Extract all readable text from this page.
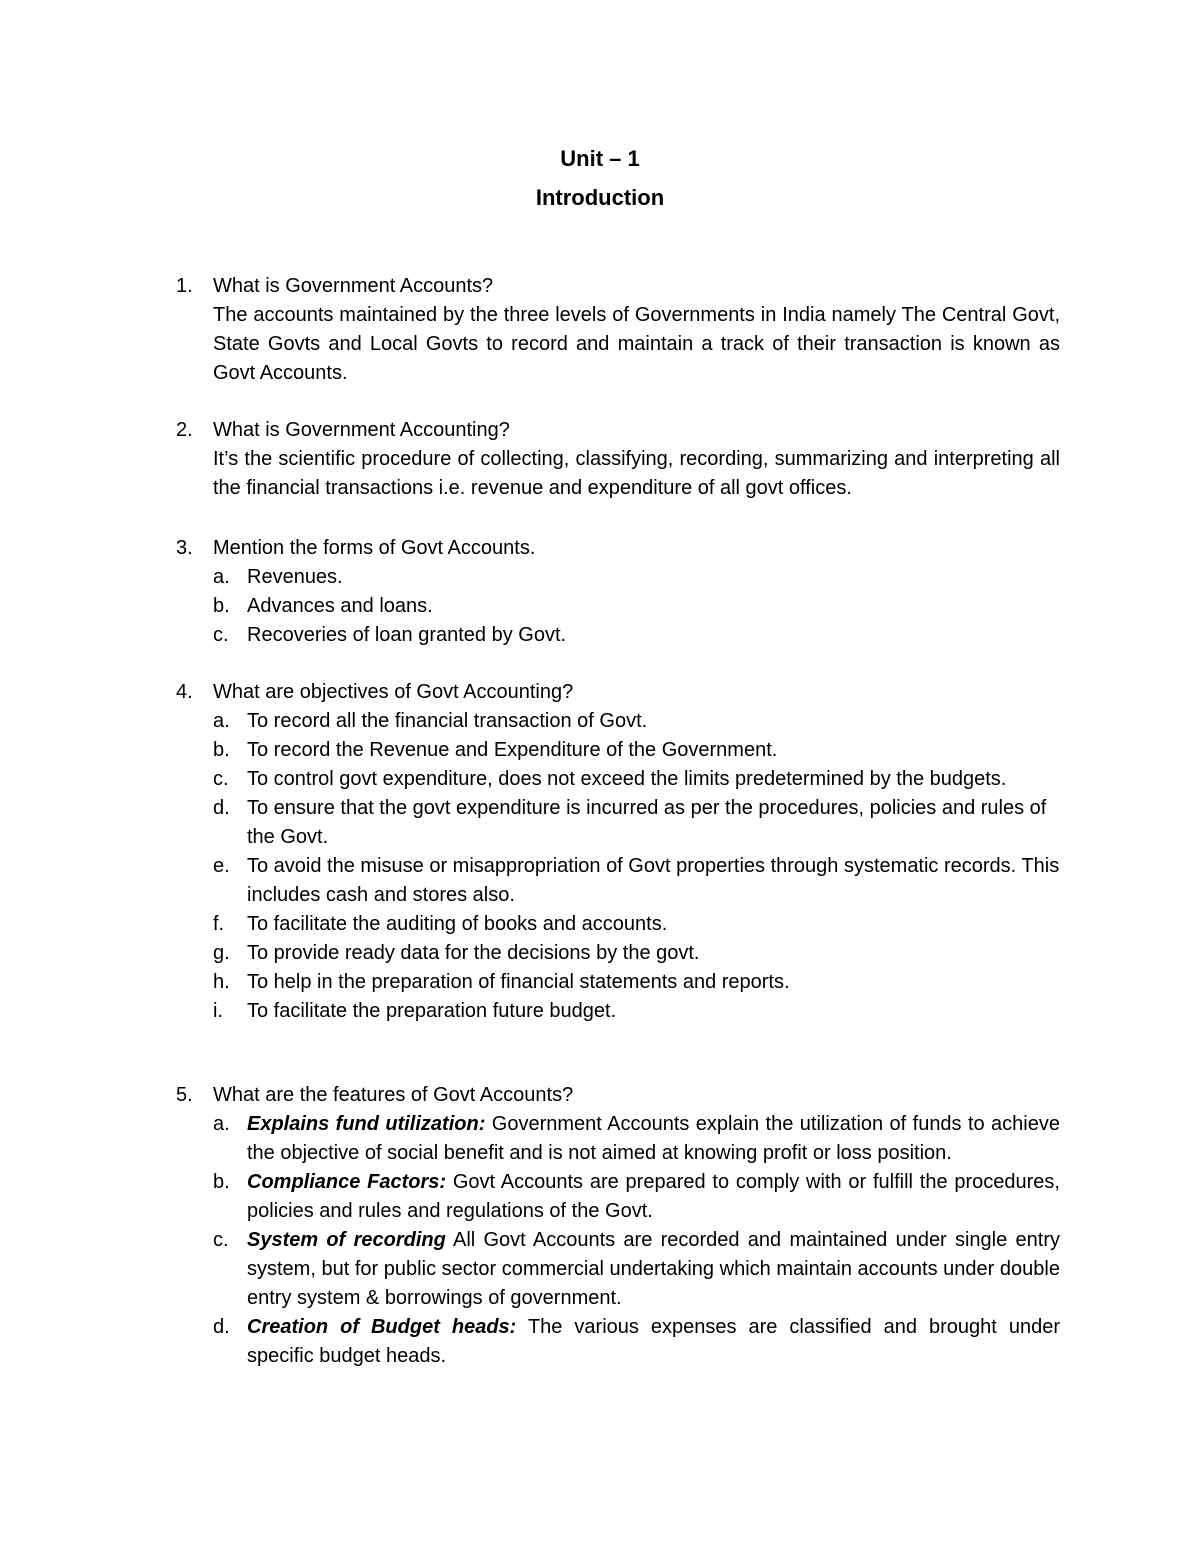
Unit – 1
Introduction
1.	What is Government Accounts?
The accounts maintained by the three levels of Governments in India namely The Central Govt, State Govts and Local Govts to record and maintain a track of their transaction is known as Govt Accounts.
2.	What is Government Accounting?
It’s the scientific procedure of collecting, classifying, recording, summarizing and interpreting all the financial transactions i.e. revenue and expenditure of all govt offices.
3.	Mention the forms of Govt Accounts.
a. Revenues.
b. Advances and loans.
c. Recoveries of loan granted by Govt.
4.	What are objectives of Govt Accounting?
a. To record all the financial transaction of Govt.
b. To record the Revenue and Expenditure of the Government.
c. To control govt expenditure, does not exceed the limits predetermined by the budgets.
d. To ensure that the govt expenditure is incurred as per the procedures, policies and rules of the Govt.
e. To avoid the misuse or misappropriation of Govt properties through systematic records. This includes cash and stores also.
f. To facilitate the auditing of books and accounts.
g. To provide ready data for the decisions by the govt.
h. To help in the preparation of financial statements and reports.
i. To facilitate the preparation future budget.
5.	What are the features of Govt Accounts?
a. Explains fund utilization: Government Accounts explain the utilization of funds to achieve the objective of social benefit and is not aimed at knowing profit or loss position.
b. Compliance Factors: Govt Accounts are prepared to comply with or fulfill the procedures, policies and rules and regulations of the Govt.
c. System of recording All Govt Accounts are recorded and maintained under single entry system, but for public sector commercial undertaking which maintain accounts under double entry system & borrowings of government.
d. Creation of Budget heads: The various expenses are classified and brought under specific budget heads.
